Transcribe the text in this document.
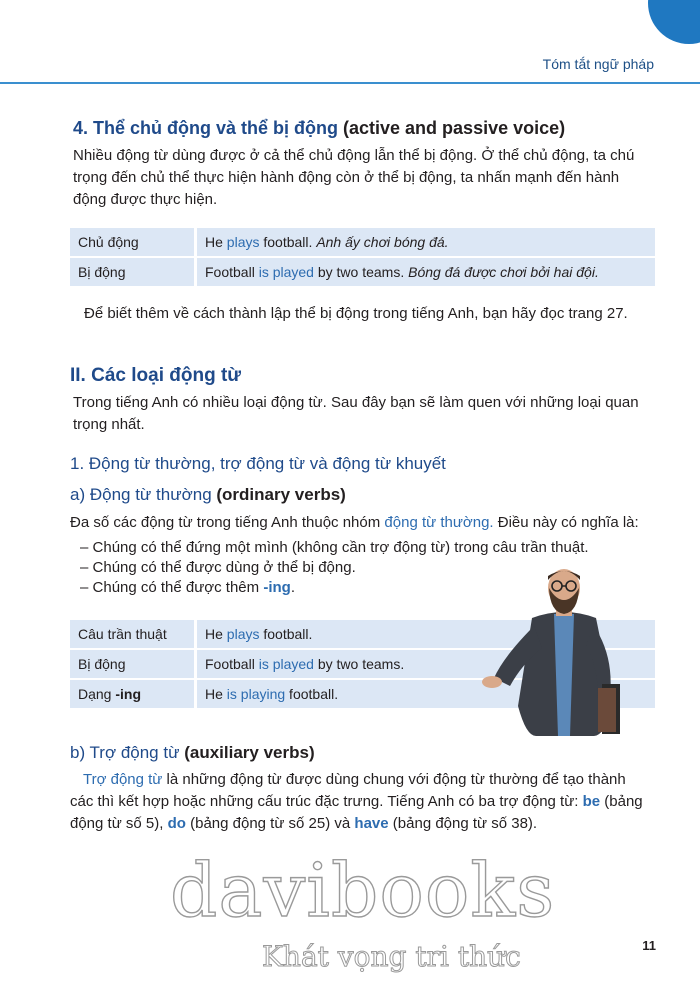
Tóm tắt ngữ pháp
4. Thể chủ động và thể bị động (active and passive voice)

Nhiều động từ dùng được ở cả thể chủ động lẫn thể bị động. Ở thể chủ động, ta chú

trọng đến chủ thể thực hiện hành động còn ở thể bị động, ta nhấn mạnh đến hành

động được thực hiện.

Chủ động	He plays football. Anh ấy chơi bóng đá.
Bị động	Football is played by two teams. Bóng đá được chơi bởi hai đội.

Để biết thêm về cách thành lập thể bị động trong tiếng Anh, bạn hãy đọc trang 27.

II. Các loại động từ

Trong tiếng Anh có nhiều loại động từ. Sau đây bạn sẽ làm quen với những loại quan

trọng nhất.

1. Động từ thường, trợ động từ và động từ khuyết
a) Động từ thường (ordinary verbs)

Đa số các động từ trong tiếng Anh thuộc nhóm động từ thường. Điều này có nghĩa là:

– Chúng có thể đứng một mình (không cần trợ động từ) trong câu trần thuật.
– Chúng có thể được dùng ở thể bị động.
– Chúng có thể được thêm -ing.
Câu trần thuật	He plays football.
Bị động	Football is played by two teams.
Dạng -ing	He is playing football.
b) Trợ động từ (auxiliary verbs)

Trợ động từ là những động từ được dùng chung với động từ thường để tạo thành

các thì kết hợp hoặc những cấu trúc đặc trưng. Tiếng Anh có ba trợ động từ: be (bảng

động từ số 5), do (bảng động từ số 25) và have (bảng động từ số 38).

davibooks
Khát vọng tri thức	11
